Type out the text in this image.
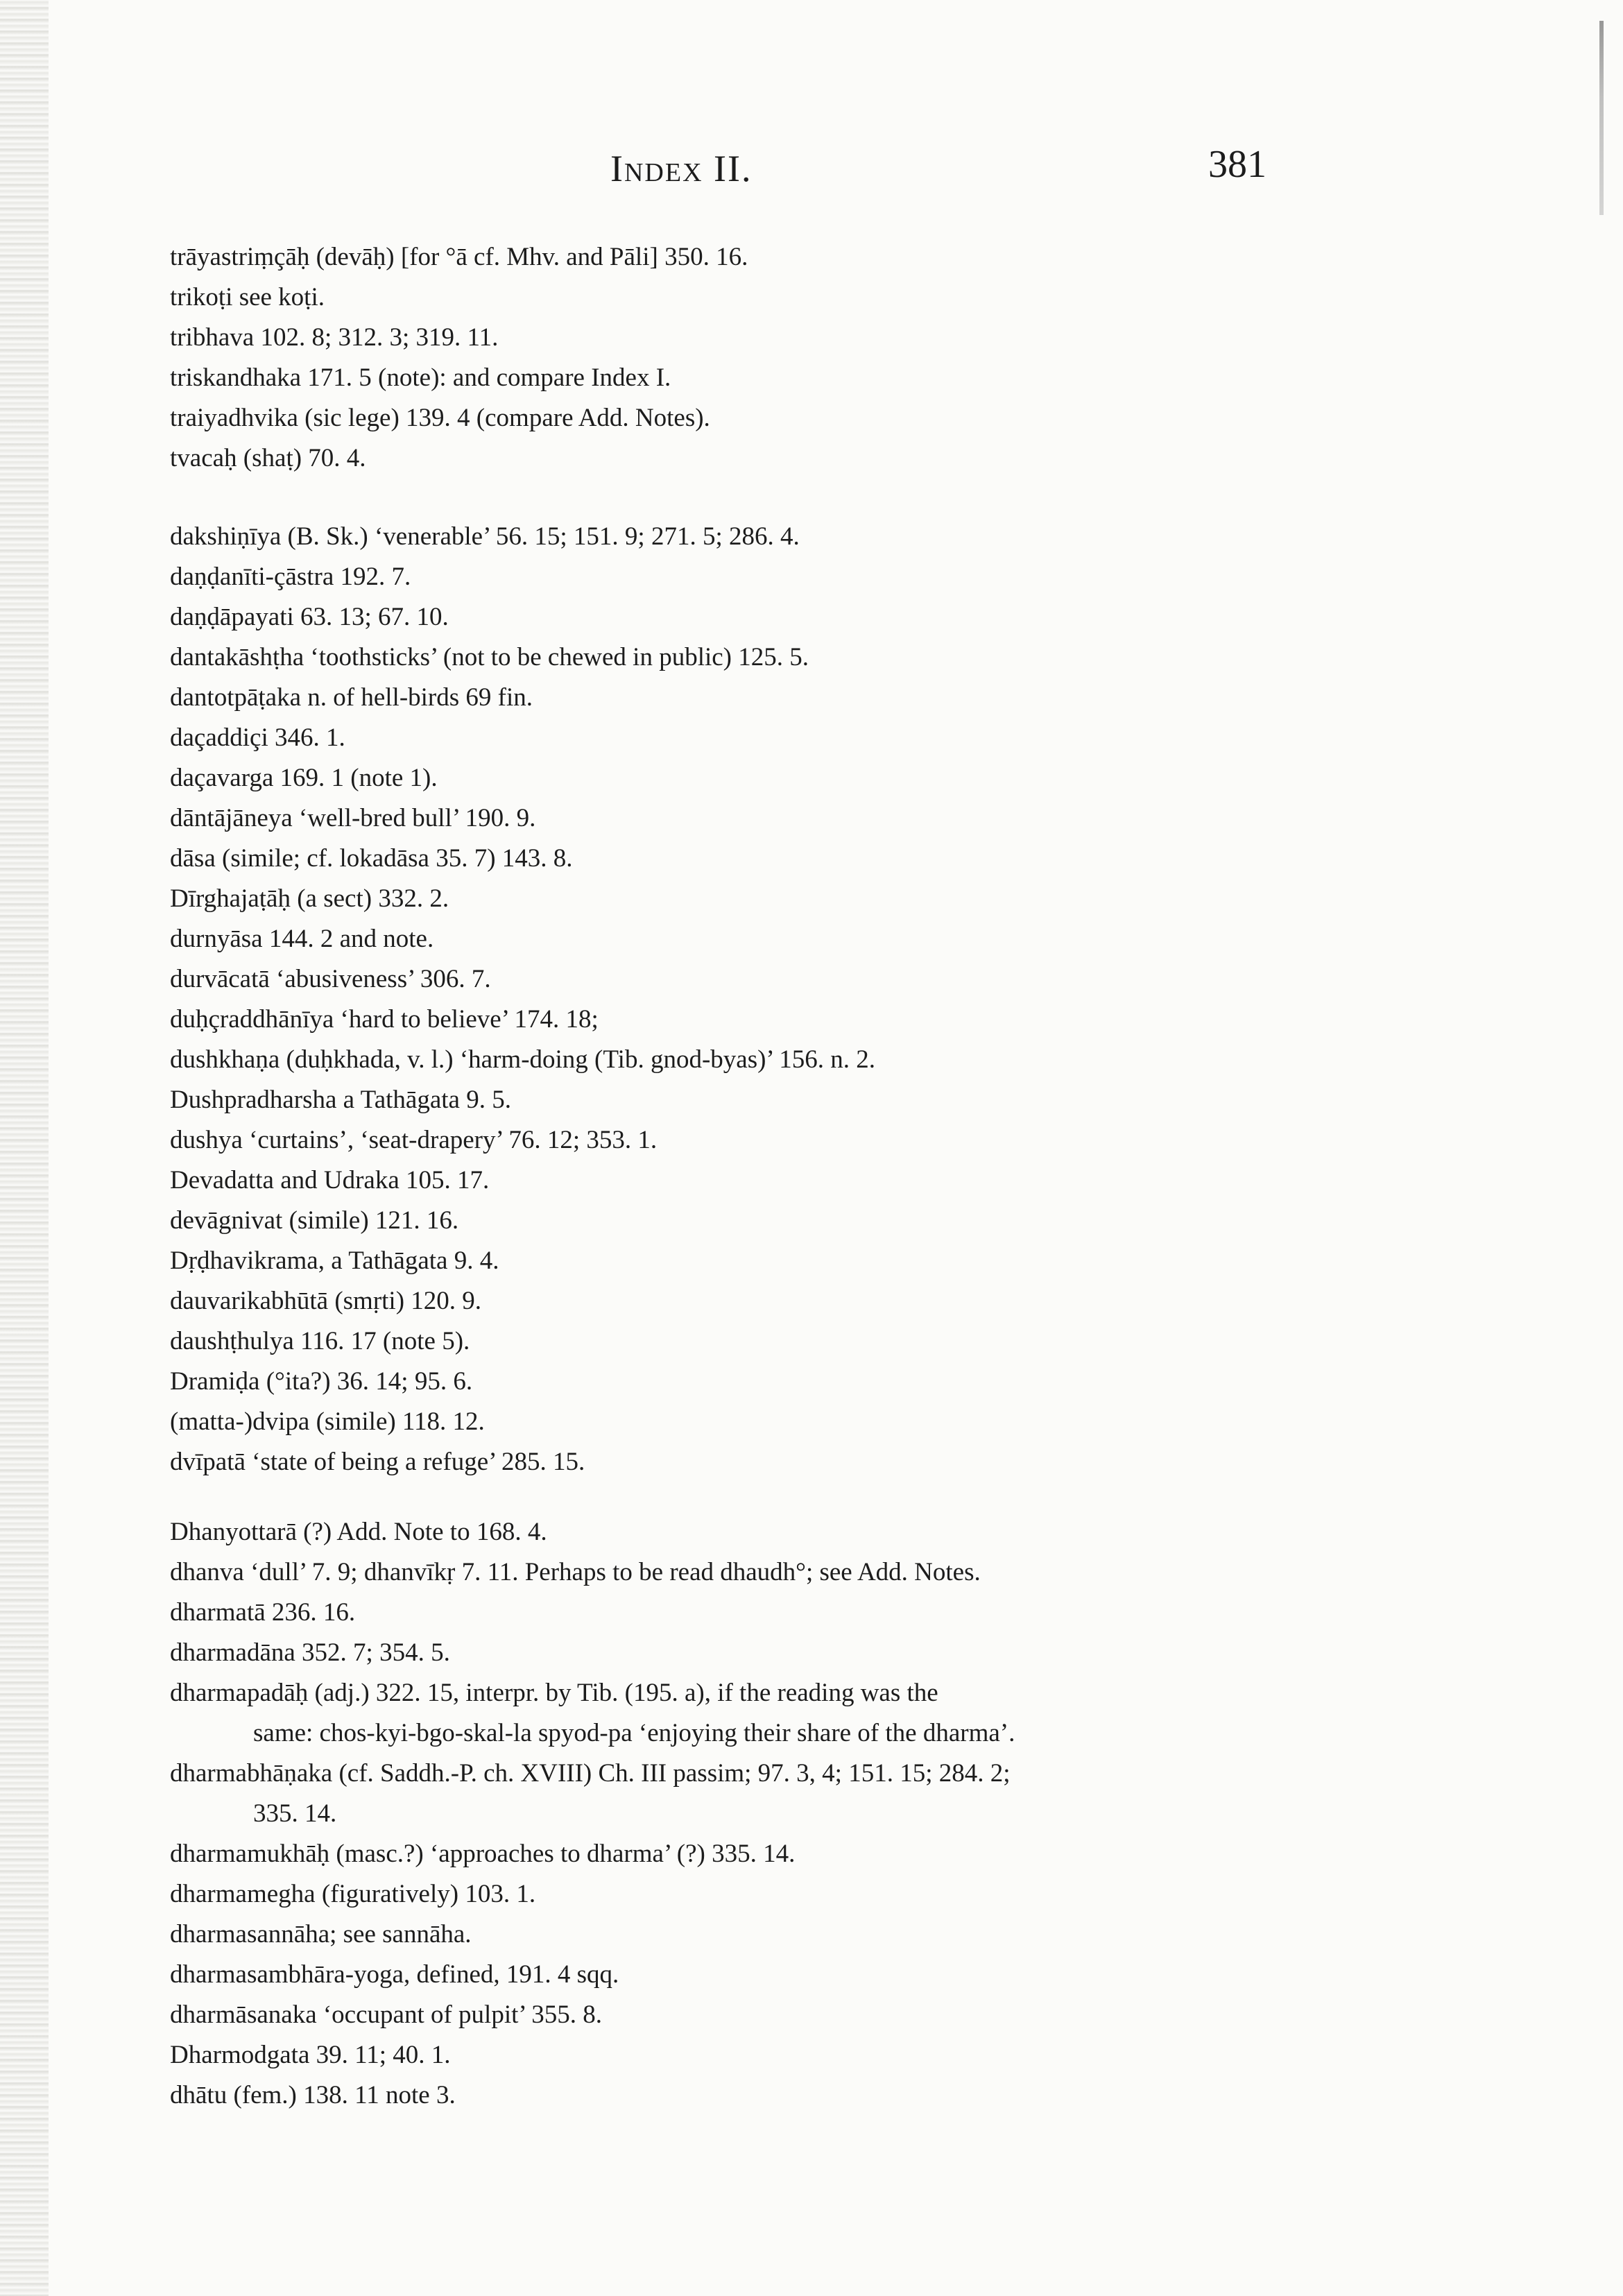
Index II.	381
trāyastriṃçāḥ (devāḥ) [for °ā cf. Mhv. and Pāli] 350. 16.
trikoṭi see koṭi.
tribhava 102. 8; 312. 3; 319. 11.
triskandhaka 171. 5 (note): and compare Index I.
traiyadhvika (sic lege) 139. 4 (compare Add. Notes).
tvacaḥ (shaṭ) 70. 4.
dakshiṇīya (B. Sk.) ‘venerable’ 56. 15; 151. 9; 271. 5; 286. 4.
daṇḍanīti-çāstra 192. 7.
daṇḍāpayati 63. 13; 67. 10.
dantakāshṭha ‘toothsticks’ (not to be chewed in public) 125. 5.
dantotpāṭaka n. of hell-birds 69 fin.
daçaddiçi 346. 1.
daçavarga 169. 1 (note 1).
dāntājāneya ‘well-bred bull’ 190. 9.
dāsa (simile; cf. lokadāsa 35. 7) 143. 8.
Dīrghajaṭāḥ (a sect) 332. 2.
durnyāsa 144. 2 and note.
durvācatā ‘abusiveness’ 306. 7.
duḥçraddhānīya ‘hard to believe’ 174. 18;
dushkhaṇa (duḥkhada, v. l.) ‘harm-doing (Tib. gnod-byas)’ 156. n. 2.
Dushpradharsha a Tathāgata 9. 5.
dushya ‘curtains’, ‘seat-drapery’ 76. 12; 353. 1.
Devadatta and Udraka 105. 17.
devāgnivat (simile) 121. 16.
Dṛḍhavikrama, a Tathāgata 9. 4.
dauvarikabhūtā (smṛti) 120. 9.
daushṭhulya 116. 17 (note 5).
Dramiḍa (°ita?) 36. 14; 95. 6.
(matta-)dvipa (simile) 118. 12.
dvīpatā ‘state of being a refuge’ 285. 15.
Dhanyottarā (?) Add. Note to 168. 4.
dhanva ‘dull’ 7. 9; dhanvīkṛ 7. 11. Perhaps to be read dhaudh°; see Add. Notes.
dharmatā 236. 16.
dharmadāna 352. 7; 354. 5.
dharmapadāḥ (adj.) 322. 15, interpr. by Tib. (195. a), if the reading was the
same: chos-kyi-bgo-skal-la spyod-pa ‘enjoying their share of the dharma’.
dharmabhāṇaka (cf. Saddh.-P. ch. XVIII) Ch. III passim; 97. 3, 4; 151. 15; 284. 2;
335. 14.
dharmamukhāḥ (masc.?) ‘approaches to dharma’ (?) 335. 14.
dharmamegha (figuratively) 103. 1.
dharmasannāha; see sannāha.
dharmasambhāra-yoga, defined, 191. 4 sqq.
dharmāsanaka ‘occupant of pulpit’ 355. 8.
Dharmodgata 39. 11; 40. 1.
dhātu (fem.) 138. 11 note 3.
